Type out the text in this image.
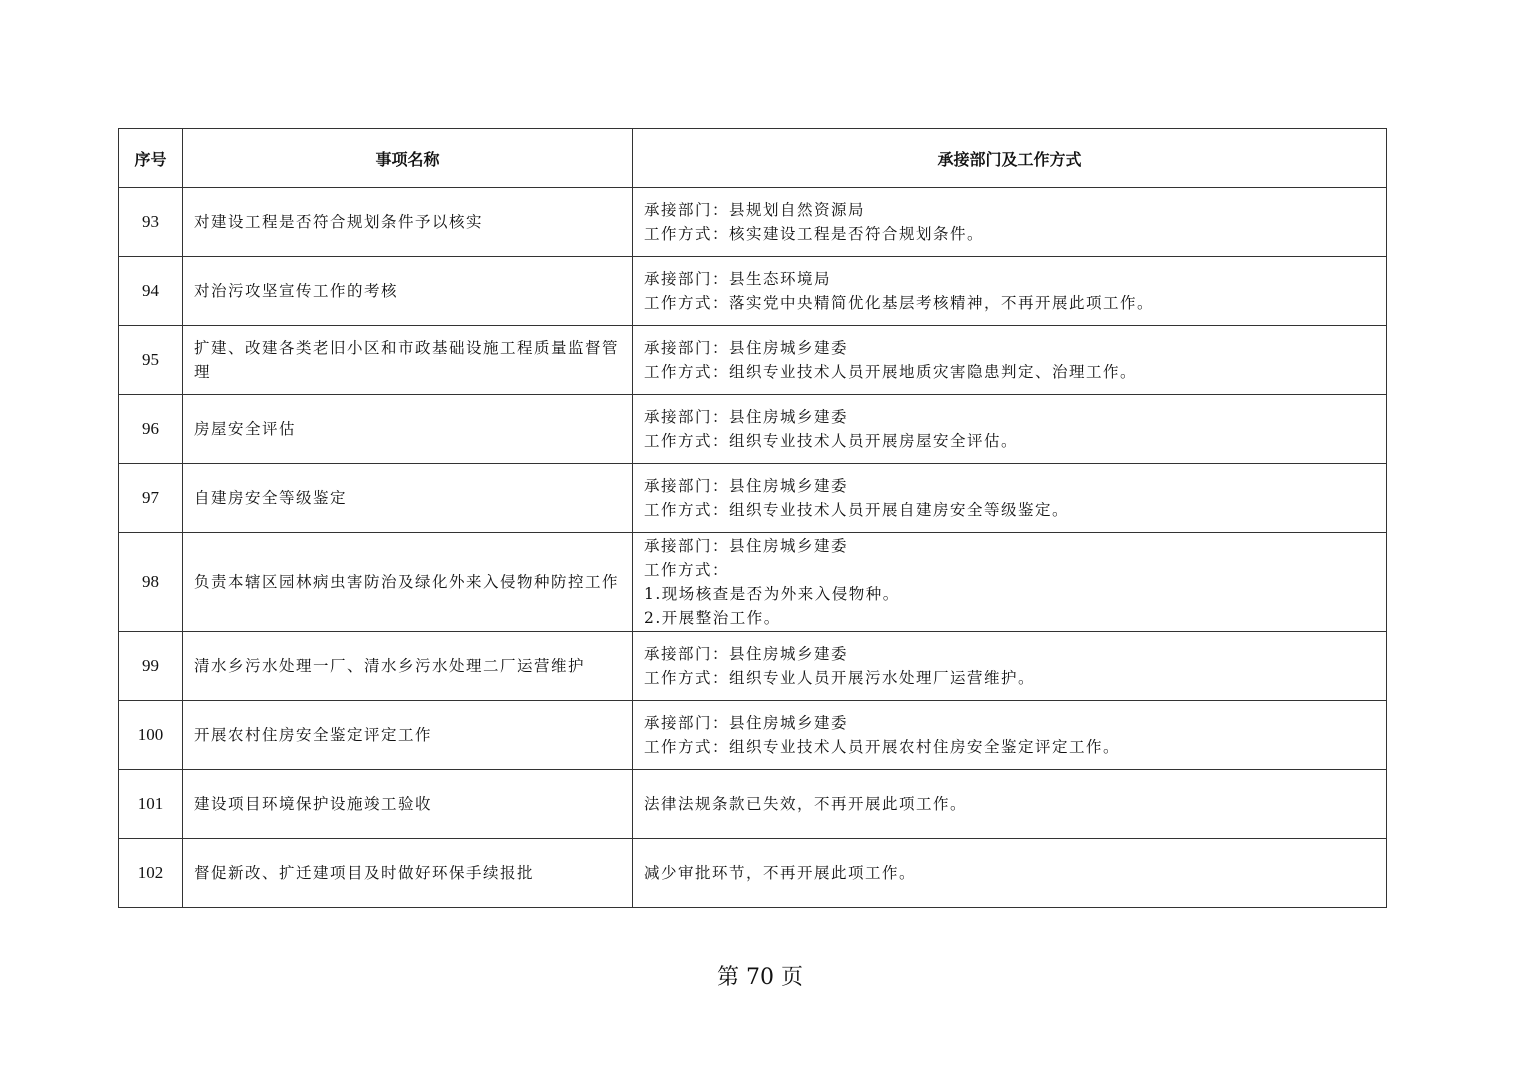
序号	事项名称	承接部门及工作方式
93	对建设工程是否符合规划条件予以核实	承接部门：县规划自然资源局
工作方式：核实建设工程是否符合规划条件。

94	对治污攻坚宣传工作的考核	承接部门：县生态环境局
工作方式：落实党中央精简优化基层考核精神，不再开展此项工作。

95	扩建、改建各类老旧小区和市政基础设施工程质量监督管理	承接部门：县住房城乡建委
工作方式：组织专业技术人员开展地质灾害隐患判定、治理工作。

96	房屋安全评估	承接部门：县住房城乡建委
工作方式：组织专业技术人员开展房屋安全评估。

97	自建房安全等级鉴定	承接部门：县住房城乡建委
工作方式：组织专业技术人员开展自建房安全等级鉴定。

98	负责本辖区园林病虫害防治及绿化外来入侵物种防控工作	承接部门：县住房城乡建委
工作方式：
1.现场核查是否为外来入侵物种。
2.开展整治工作。

99	清水乡污水处理一厂、清水乡污水处理二厂运营维护	承接部门：县住房城乡建委
工作方式：组织专业人员开展污水处理厂运营维护。

100	开展农村住房安全鉴定评定工作	承接部门：县住房城乡建委
工作方式：组织专业技术人员开展农村住房安全鉴定评定工作。

101	建设项目环境保护设施竣工验收	法律法规条款已失效，不再开展此项工作。

102	督促新改、扩迁建项目及时做好环保手续报批	减少审批环节，不再开展此项工作。
第 70 页
